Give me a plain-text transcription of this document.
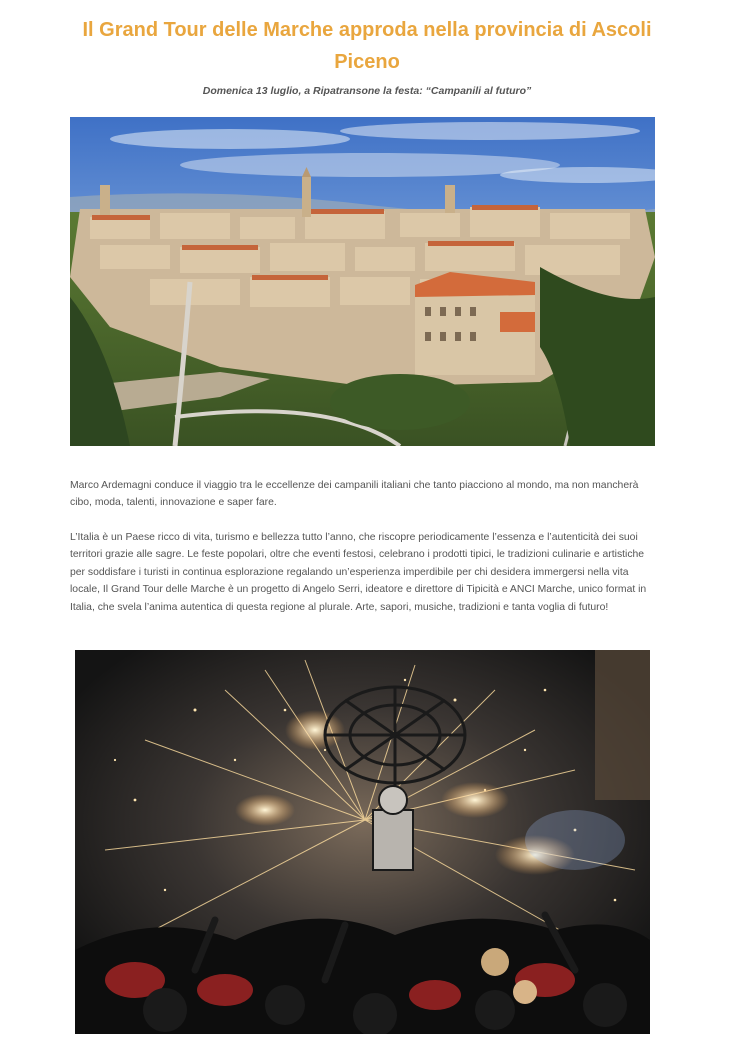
Il Grand Tour delle Marche approda nella provincia di Ascoli Piceno
Domenica 13 luglio, a Ripatransone la festa: “Campanili al futuro”

Marco Ardemagni conduce il viaggio tra le eccellenze dei campanili italiani che tanto piacciono al mondo, ma non mancherà cibo, moda, talenti, innovazione e saper fare.

L’Italia è un Paese ricco di vita, turismo e bellezza tutto l’anno, che riscopre periodicamente l’essenza e l’autenticità dei suoi territori grazie alle sagre. Le feste popolari, oltre che eventi festosi, celebrano i prodotti tipici, le tradizioni culinarie e artistiche per soddisfare i turisti in continua esplorazione regalando un’esperienza imperdibile per chi desidera immergersi nella vita locale, Il Grand Tour delle Marche è un progetto di Angelo Serri, ideatore e direttore di Tipicità e ANCI Marche, unico format in Italia, che svela l’anima autentica di questa regione al plurale. Arte, sapori, musiche, tradizioni e tanta voglia di futuro!
